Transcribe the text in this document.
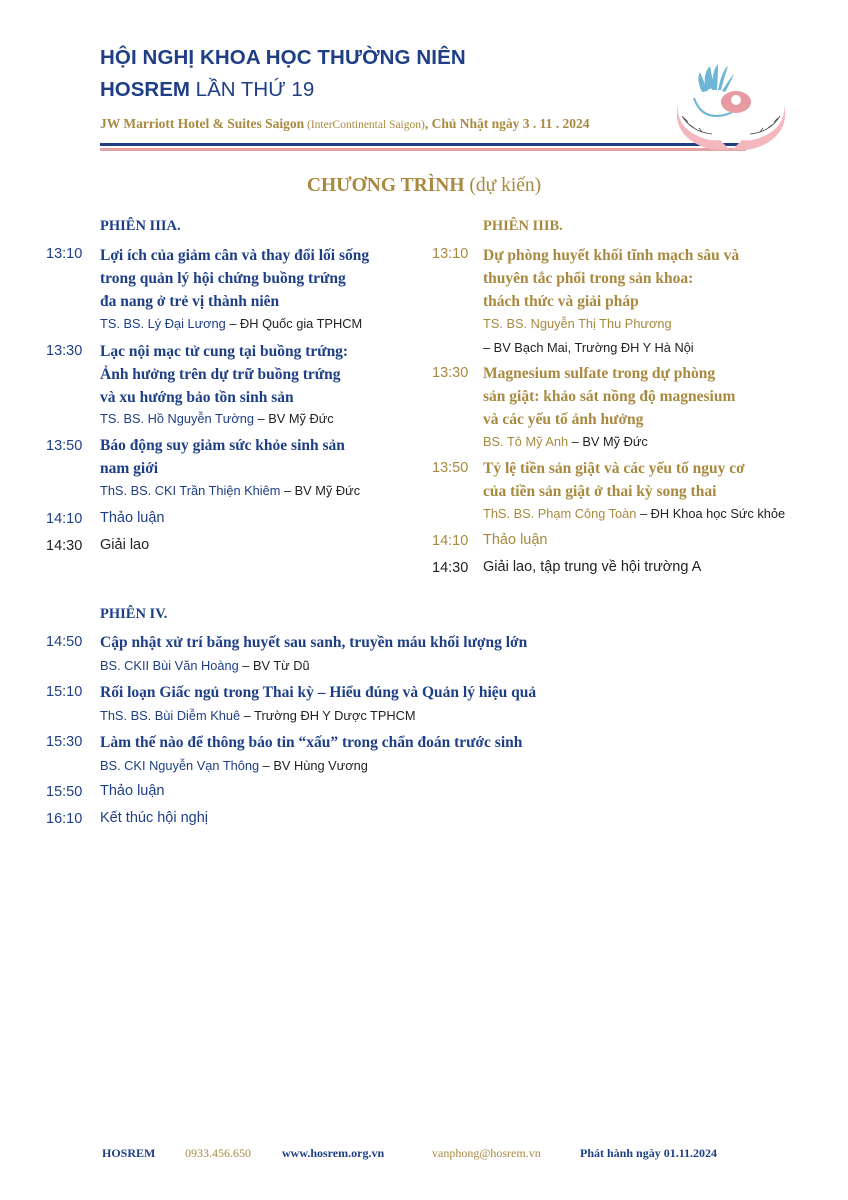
HỘI NGHỊ KHOA HỌC THƯỜNG NIÊN
HOSREM LẦN THỨ 19
JW Marriott Hotel & Suites Saigon (InterContinental Saigon), Chủ Nhật ngày 3 . 11 . 2024
CHƯƠNG TRÌNH (dự kiến)
PHIÊN IIIA.
13:10 Lợi ích của giảm cân và thay đổi lối sống
trong quản lý hội chứng buồng trứng
đa nang ở trẻ vị thành niên
TS. BS. Lý Đại Lương – ĐH Quốc gia TPHCM
13:30 Lạc nội mạc tử cung tại buồng trứng:
Ảnh hưởng trên dự trữ buồng trứng
và xu hướng bảo tồn sinh sản
TS. BS. Hồ Nguyễn Tường – BV Mỹ Đức
13:50 Báo động suy giảm sức khỏe sinh sản
nam giới
ThS. BS. CKI Trần Thiện Khiêm – BV Mỹ Đức
14:10 Thảo luận
14:30 Giải lao
PHIÊN IIIB.
13:10 Dự phòng huyết khối tĩnh mạch sâu và
thuyên tắc phổi trong sản khoa:
thách thức và giải pháp
TS. BS. Nguyễn Thị Thu Phương
– BV Bạch Mai, Trường ĐH Y Hà Nội
13:30 Magnesium sulfate trong dự phòng
sản giật: khảo sát nồng độ magnesium
và các yếu tố ảnh hưởng
BS. Tô Mỹ Anh – BV Mỹ Đức
13:50 Tỷ lệ tiền sản giật và các yếu tố nguy cơ
của tiền sản giật ở thai kỳ song thai
ThS. BS. Phạm Công Toàn – ĐH Khoa học Sức khỏe
14:10 Thảo luận
14:30 Giải lao, tập trung về hội trường A
PHIÊN IV.
14:50 Cập nhật xử trí băng huyết sau sanh, truyền máu khối lượng lớn
BS. CKII Bùi Văn Hoàng – BV Từ Dũ
15:10 Rối loạn Giấc ngủ trong Thai kỳ – Hiểu đúng và Quản lý hiệu quả
ThS. BS. Bùi Diễm Khuê – Trường ĐH Y Dược TPHCM
15:30 Làm thế nào để thông báo tin “xấu” trong chẩn đoán trước sinh
BS. CKI Nguyễn Vạn Thông – BV Hùng Vương
15:50 Thảo luận
16:10 Kết thúc hội nghị
HOSREM 0933.456.650	www.hosrem.org.vn	vanphong@hosrem.vn	Phát hành ngày 01.11.2024
